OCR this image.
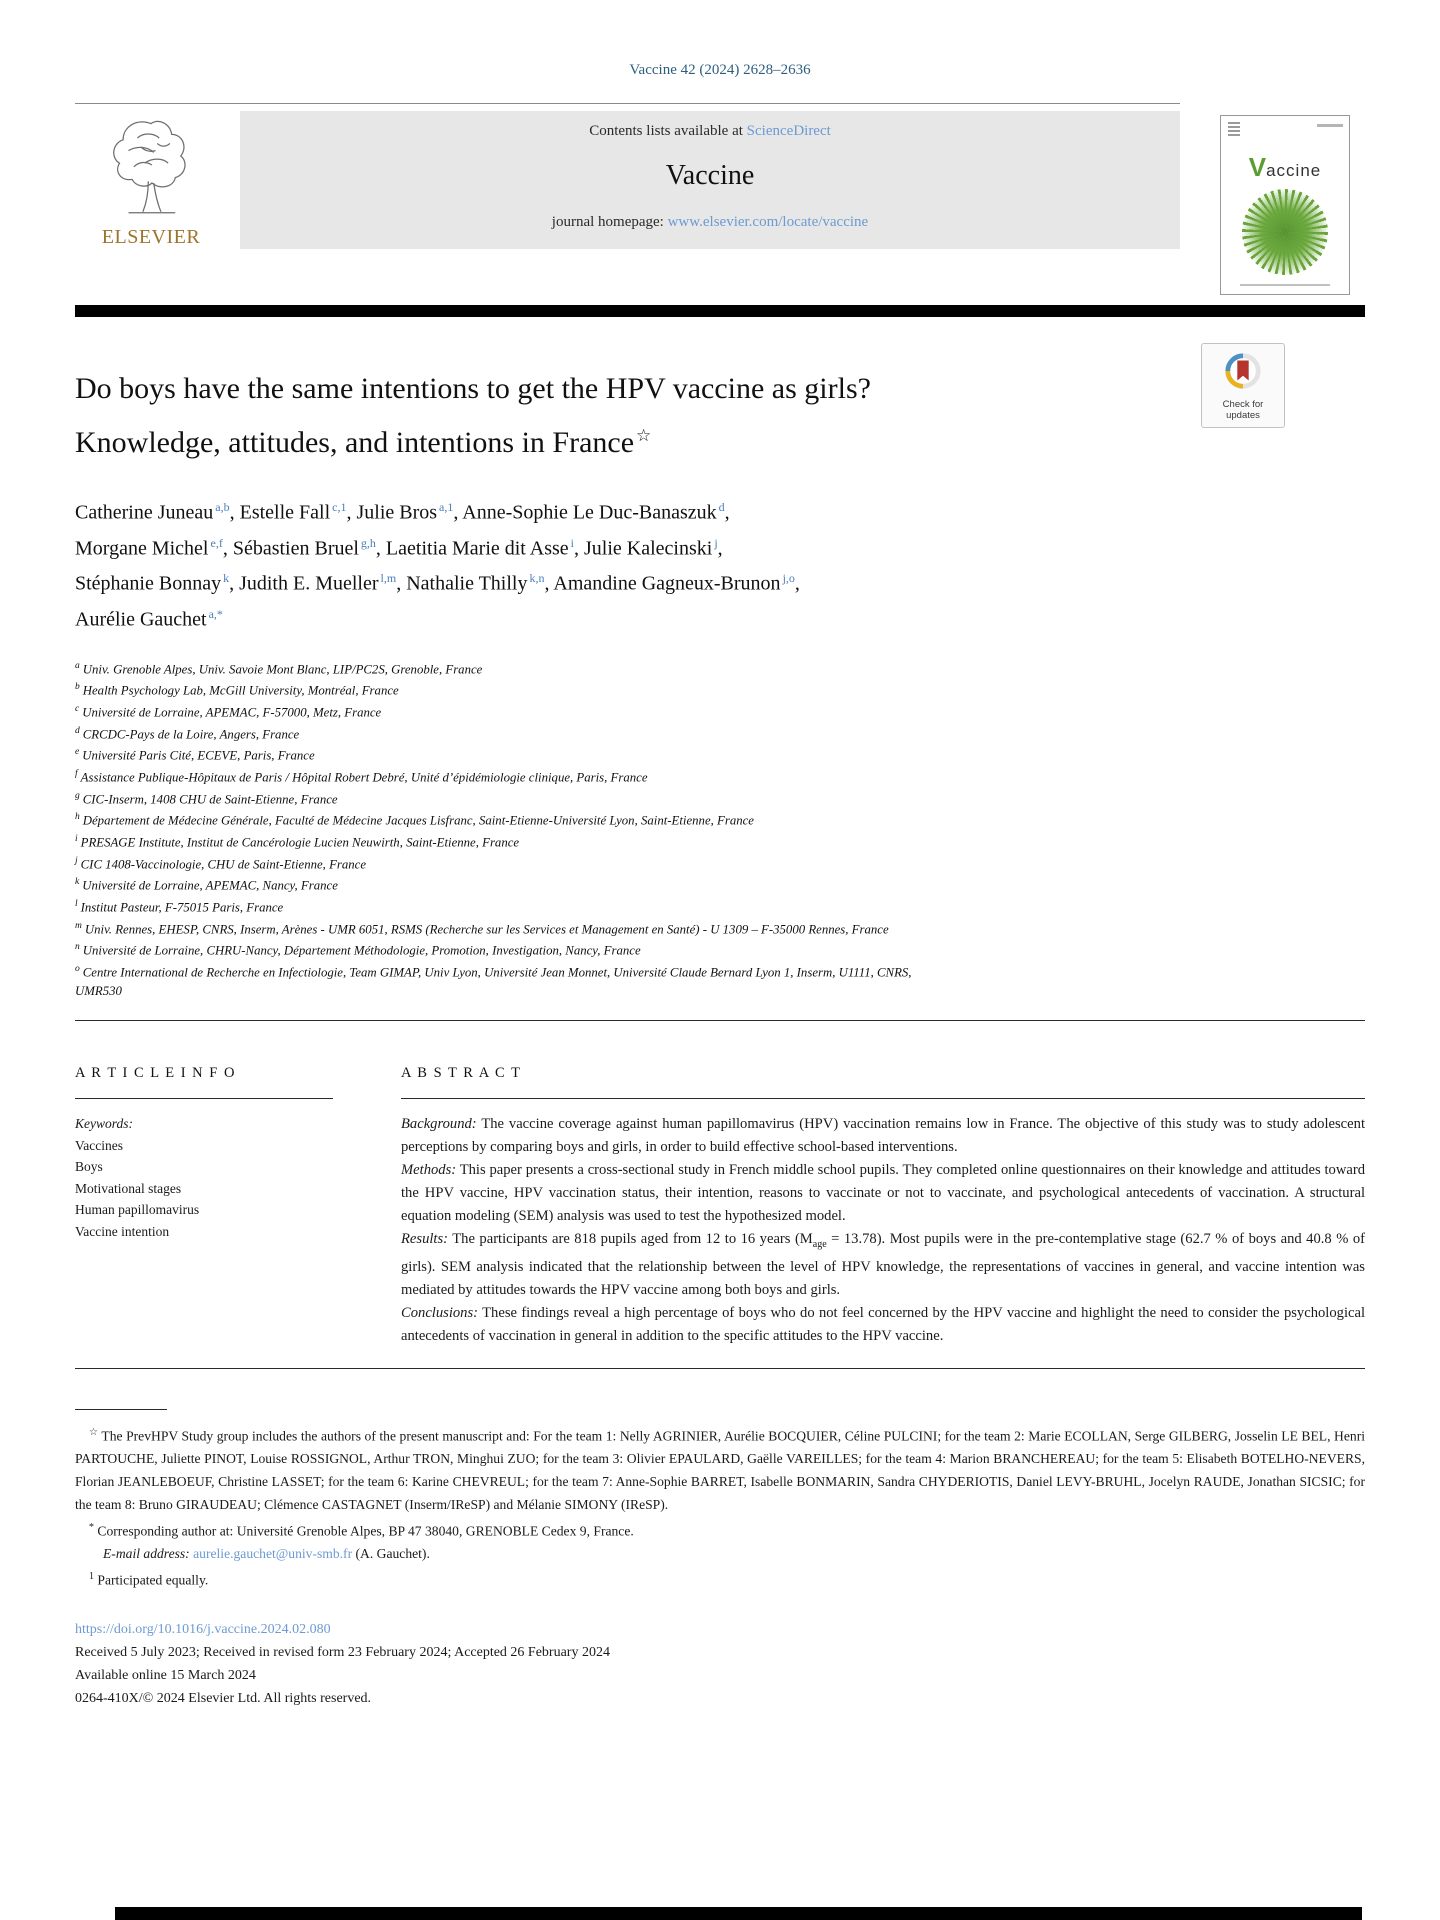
Vaccine 42 (2024) 2628–2636
ELSEVIER
Contents lists available at ScienceDirect
Vaccine
journal homepage: www.elsevier.com/locate/vaccine
Vaccine
Check for
updates
Do boys have the same intentions to get the HPV vaccine as girls?
Knowledge, attitudes, and intentions in France ☆
Catherine Juneau $^{a,b}$, Estelle Fall $^{c,1}$, Julie Bros $^{a,1}$, Anne-Sophie Le Duc-Banaszuk $^d$,
Morgane Michel $^{e,f}$, Sébastien Bruel $^{g,h}$, Laetitia Marie dit Asse $^i$, Julie Kalecinski $^j$,
Stéphanie Bonnay $^k$, Judith E. Mueller $^{l,m}$, Nathalie Thilly $^{k,n}$, Amandine Gagneux-Brunon $^{j,o}$,
Aurélie Gauchet $^{a,*}$
$^a$ Univ. Grenoble Alpes, Univ. Savoie Mont Blanc, LIP/PC2S, Grenoble, France
$^b$ Health Psychology Lab, McGill University, Montréal, France
$^c$ Université de Lorraine, APEMAC, F-57000, Metz, France
$^d$ CRCDC-Pays de la Loire, Angers, France
$^e$ Université Paris Cité, ECEVE, Paris, France
$^f$ Assistance Publique-Hôpitaux de Paris / Hôpital Robert Debré, Unité d’épidémiologie clinique, Paris, France
$^g$ CIC-Inserm, 1408 CHU de Saint-Etienne, France
$^h$ Département de Médecine Générale, Faculté de Médecine Jacques Lisfranc, Saint-Etienne-Université Lyon, Saint-Etienne, France
$^i$ PRESAGE Institute, Institut de Cancérologie Lucien Neuwirth, Saint-Etienne, France
$^j$ CIC 1408-Vaccinologie, CHU de Saint-Etienne, France
$^k$ Université de Lorraine, APEMAC, Nancy, France
$^l$ Institut Pasteur, F-75015 Paris, France
$^m$ Univ. Rennes, EHESP, CNRS, Inserm, Arènes - UMR 6051, RSMS (Recherche sur les Services et Management en Santé) - U 1309 – F-35000 Rennes, France
$^n$ Université de Lorraine, CHRU-Nancy, Département Méthodologie, Promotion, Investigation, Nancy, France
$^o$ Centre International de Recherche en Infectiologie, Team GIMAP, Univ Lyon, Université Jean Monnet, Université Claude Bernard Lyon 1, Inserm, U1111, CNRS,
UMR530
A R T I C L E I N F O
Keywords:
Vaccines
Boys
Motivational stages
Human papillomavirus
Vaccine intention
A B S T R A C T

Background: The vaccine coverage against human papillomavirus (HPV) vaccination remains low in France. The objective of this study was to study adolescent perceptions by comparing boys and girls, in order to build effective school-based interventions.

Methods: This paper presents a cross-sectional study in French middle school pupils. They completed online questionnaires on their knowledge and attitudes toward the HPV vaccine, HPV vaccination status, their intention, reasons to vaccinate or not to vaccinate, and psychological antecedents of vaccination. A structural equation modeling (SEM) analysis was used to test the hypothesized model.

Results: The participants are 818 pupils aged from 12 to 16 years $(M_{age} = 13.78)$. Most pupils were in the pre-contemplative stage (62.7 % of boys and 40.8 % of girls). SEM analysis indicated that the relationship between the level of HPV knowledge, the representations of vaccines in general, and vaccine intention was mediated by attitudes towards the HPV vaccine among both boys and girls.

Conclusions: These findings reveal a high percentage of boys who do not feel concerned by the HPV vaccine and highlight the need to consider the psychological antecedents of vaccination in general in addition to the specific attitudes to the HPV vaccine.

☆ The PrevHPV Study group includes the authors of the present manuscript and: For the team 1: Nelly AGRINIER, Aurélie BOCQUIER, Céline PULCINI; for the team 2: Marie ECOLLAN, Serge GILBERG, Josselin LE BEL, Henri PARTOUCHE, Juliette PINOT, Louise ROSSIGNOL, Arthur TRON, Minghui ZUO; for the team 3: Olivier EPAULARD, Gaëlle VAREILLES; for the team 4: Marion BRANCHEREAU; for the team 5: Elisabeth BOTELHO-NEVERS, Florian JEANLEBOEUF, Christine LASSET; for the team 6: Karine CHEVREUL; for the team 7: Anne-Sophie BARRET, Isabelle BONMARIN, Sandra CHYDERIOTIS, Daniel LEVY-BRUHL, Jocelyn RAUDE, Jonathan SICSIC; for the team 8: Bruno GIRAUDEAU; Clémence CASTAGNET (Inserm/IReSP) and Mélanie SIMONY (IReSP).
* Corresponding author at: Université Grenoble Alpes, BP 47 38040, GRENOBLE Cedex 9, France.
E-mail address: aurelie.gauchet@univ-smb.fr (A. Gauchet).
$^1$ Participated equally.
https://doi.org/10.1016/j.vaccine.2024.02.080
Received 5 July 2023; Received in revised form 23 February 2024; Accepted 26 February 2024
Available online 15 March 2024
0264-410X/© 2024 Elsevier Ltd. All rights reserved.
